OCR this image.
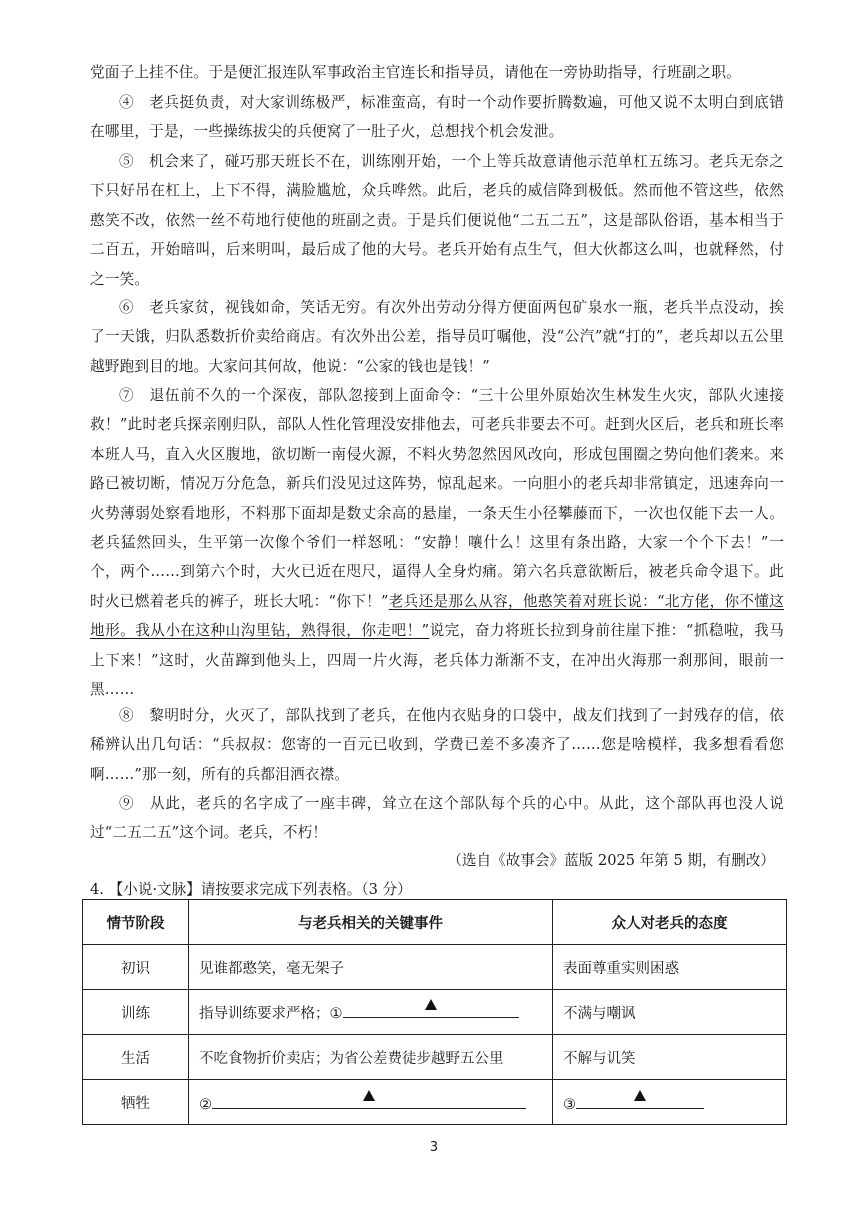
党面子上挂不住。于是便汇报连队军事政治主官连长和指导员，请他在一旁协助指导，行班副之职。

④　老兵挺负责，对大家训练极严，标准蛮高，有时一个动作要折腾数遍，可他又说不太明白到底错在哪里，于是，一些操练拔尖的兵便窝了一肚子火，总想找个机会发泄。

⑤　机会来了，碰巧那天班长不在，训练刚开始，一个上等兵故意请他示范单杠五练习。老兵无奈之下只好吊在杠上，上下不得，满脸尴尬，众兵哗然。此后，老兵的威信降到极低。然而他不管这些，依然憨笑不改，依然一丝不苟地行使他的班副之责。于是兵们便说他“二五二五”，这是部队俗语，基本相当于二百五，开始暗叫，后来明叫，最后成了他的大号。老兵开始有点生气，但大伙都这么叫，也就释然，付之一笑。

⑥　老兵家贫，视钱如命，笑话无穷。有次外出劳动分得方便面两包矿泉水一瓶，老兵半点没动，挨了一天饿，归队悉数折价卖给商店。有次外出公差，指导员叮嘱他，没“公汽”就“打的”，老兵却以五公里越野跑到目的地。大家问其何故，他说：“公家的钱也是钱！”

⑦　退伍前不久的一个深夜，部队忽接到上面命令：“三十公里外原始次生林发生火灾，部队火速接救！”此时老兵探亲刚归队，部队人性化管理没安排他去，可老兵非要去不可。赶到火区后，老兵和班长率本班人马，直入火区腹地，欲切断一南侵火源，不料火势忽然因风改向，形成包围圈之势向他们袭来。来路已被切断，情况万分危急，新兵们没见过这阵势，惊乱起来。一向胆小的老兵却非常镇定，迅速奔向一火势薄弱处察看地形，不料那下面却是数丈余高的悬崖，一条天生小径攀藤而下，一次也仅能下去一人。老兵猛然回头，生平第一次像个爷们一样怒吼：“安静！嚷什么！这里有条出路，大家一个个下去！”一个，两个……到第六个时，大火已近在咫尺，逼得人全身灼痛。第六名兵意欲断后，被老兵命令退下。此时火已燃着老兵的裤子，班长大吼：“你下！”老兵还是那么从容，他憨笑着对班长说：“北方佬，你不懂这地形。我从小在这种山沟里钻，熟得很，你走吧！”说完，奋力将班长拉到身前往崖下推：“抓稳啦，我马上下来！”这时，火苗蹿到他头上，四周一片火海，老兵体力渐渐不支，在冲出火海那一刹那间，眼前一黑……

⑧　黎明时分，火灭了，部队找到了老兵，在他内衣贴身的口袋中，战友们找到了一封残存的信，依稀辨认出几句话：“兵叔叔：您寄的一百元已收到，学费已差不多凑齐了……您是啥模样，我多想看看您啊……”那一刻，所有的兵都泪洒衣襟。

⑨　从此，老兵的名字成了一座丰碑，耸立在这个部队每个兵的心中。从此，这个部队再也没人说过“二五二五”这个词。老兵，不朽！

（选自《故事会》蓝版 2025 年第 5 期，有删改）
4. 【小说·文脉】请按要求完成下列表格。（3 分）
情节阶段	与老兵相关的关键事件	众人对老兵的态度
初识	见谁都憨笑，毫无架子	表面尊重实则困惑
训练	指导训练要求严格；①	不满与嘲讽
生活	不吃食物折价卖店；为省公差费徒步越野五公里	不解与讥笑
牺牲	②	③
3
